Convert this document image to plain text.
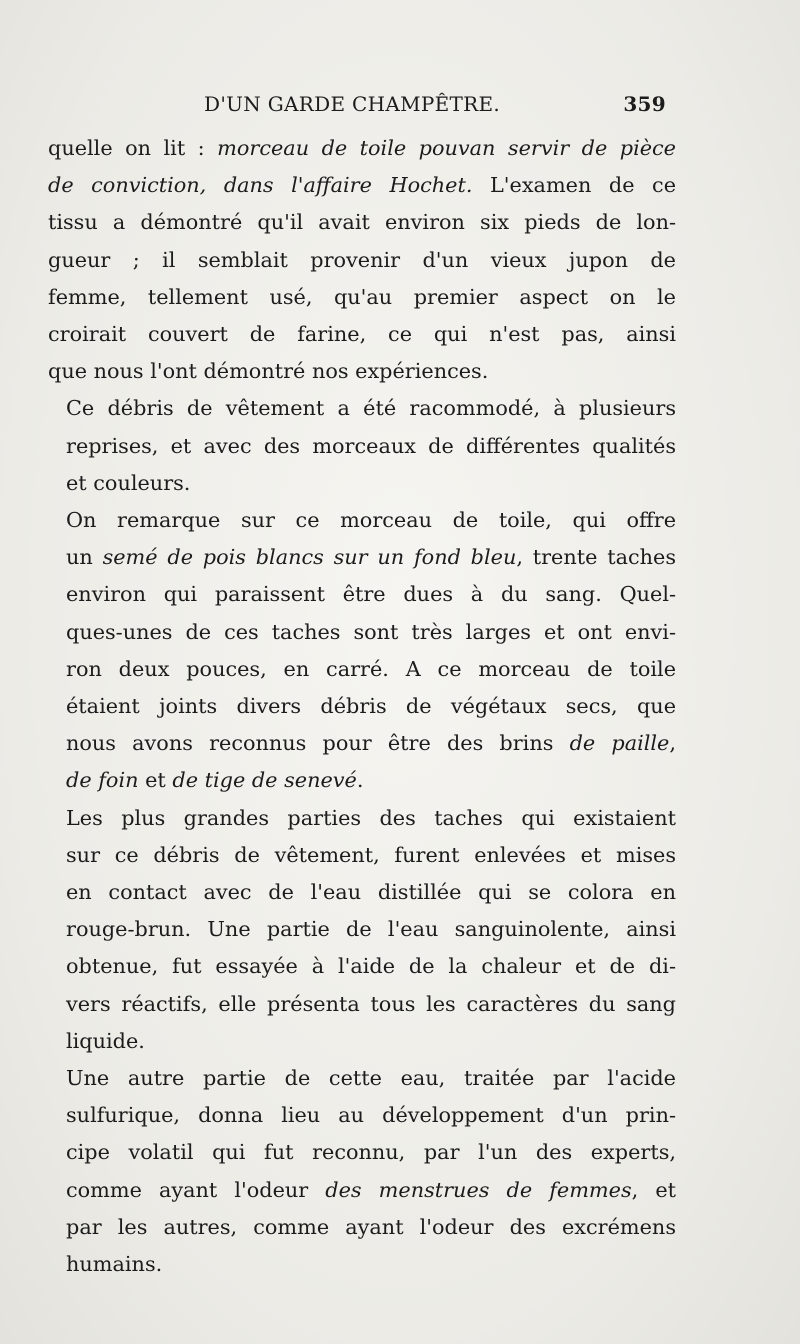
D'UN GARDE CHAMPÊTRE.	359

quelle on lit : morceau de toile pouvan servir de pièce
de conviction, dans l'affaire Hochet. L'examen de ce
tissu a démontré qu'il avait environ six pieds de lon-
gueur ; il semblait provenir d'un vieux jupon de
femme, tellement usé, qu'au premier aspect on le
croirait couvert de farine, ce qui n'est pas, ainsi
que nous l'ont démontré nos expériences.

Ce débris de vêtement a été racommodé, à plusieurs
reprises, et avec des morceaux de différentes qualités
et couleurs.

On remarque sur ce morceau de toile, qui offre
un semé de pois blancs sur un fond bleu, trente taches
environ qui paraissent être dues à du sang. Quel-
ques-unes de ces taches sont très larges et ont envi-
ron deux pouces, en carré. A ce morceau de toile
étaient joints divers débris de végétaux secs, que
nous avons reconnus pour être des brins de paille,
de foin et de tige de senevé.

Les plus grandes parties des taches qui existaient
sur ce débris de vêtement, furent enlevées et mises
en contact avec de l'eau distillée qui se colora en
rouge-brun. Une partie de l'eau sanguinolente, ainsi
obtenue, fut essayée à l'aide de la chaleur et de di-
vers réactifs, elle présenta tous les caractères du sang
liquide.

Une autre partie de cette eau, traitée par l'acide
sulfurique, donna lieu au développement d'un prin-
cipe volatil qui fut reconnu, par l'un des experts,
comme ayant l'odeur des menstrues de femmes, et
par les autres, comme ayant l'odeur des excrémens
humains.
